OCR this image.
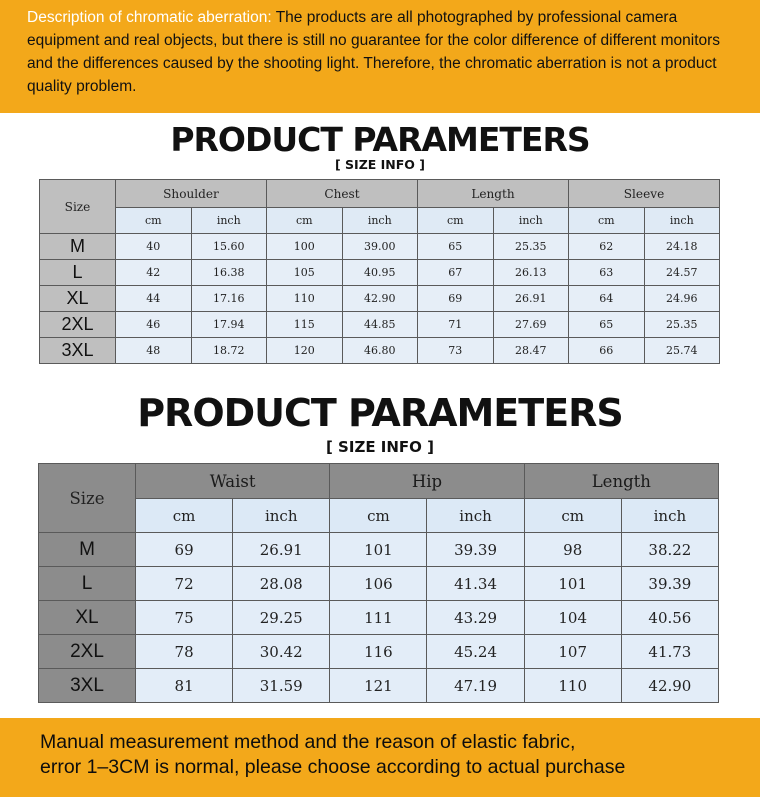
Description of chromatic aberration: The products are all photographed by professional camera equipment and real objects, but there is still no guarantee for the color difference of different monitors and the differences caused by the shooting light. Therefore, the chromatic aberration is not a product quality problem.
PRODUCT PARAMETERS
[ SIZE INFO ]
Size	Shoulder		Chest		Length		Sleeve	
	cm	inch	cm	inch	cm	inch	cm	inch
M	40	15.60	100	39.00	65	25.35	62	24.18
L	42	16.38	105	40.95	67	26.13	63	24.57
XL	44	17.16	110	42.90	69	26.91	64	24.96
2XL	46	17.94	115	44.85	71	27.69	65	25.35
3XL	48	18.72	120	46.80	73	28.47	66	25.74
PRODUCT PARAMETERS
[ SIZE INFO ]
Size	Waist		Hip		Length	
	cm	inch	cm	inch	cm	inch
M	69	26.91	101	39.39	98	38.22
L	72	28.08	106	41.34	101	39.39
XL	75	29.25	111	43.29	104	40.56
2XL	78	30.42	116	45.24	107	41.73
3XL	81	31.59	121	47.19	110	42.90
Manual measurement method and the reason of elastic fabric,
error 1–3CM is normal, please choose according to actual purchase
